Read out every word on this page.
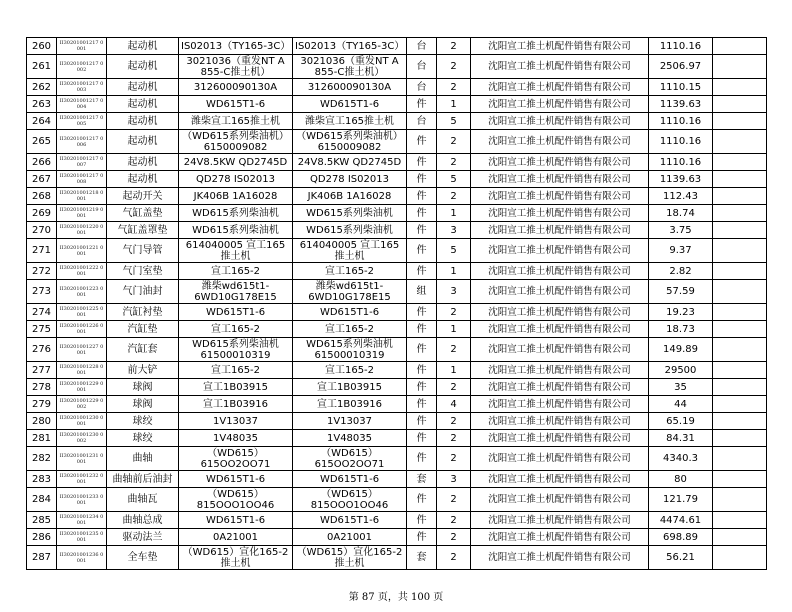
260	II30201001217 0001	起动机	IS02013（TY165-3C）	IS02013（TY165-3C）	台	2	沈阳宣工推土机配件销售有限公司	1110.16	
261	II30201001217 0002	起动机	3021036（重发NT A 855-C推土机）	3021036（重发NT A 855-C推土机）	台	2	沈阳宣工推土机配件销售有限公司	2506.97	
262	II30201001217 0003	起动机	312600090130A	312600090130A	台	2	沈阳宣工推土机配件销售有限公司	1110.15	
263	II30201001217 0004	起动机	WD615T1-6	WD615T1-6	件	1	沈阳宣工推土机配件销售有限公司	1139.63	
264	II30201001217 0005	起动机	潍柴宣工165推土机	潍柴宣工165推土机	台	5	沈阳宣工推土机配件销售有限公司	1110.16	
265	II30201001217 0006	起动机	（WD615系列柴油机）6150009082	（WD615系列柴油机）6150009082	件	2	沈阳宣工推土机配件销售有限公司	1110.16	
266	II30201001217 0007	起动机	24V8.5KW QD2745D	24V8.5KW QD2745D	件	2	沈阳宣工推土机配件销售有限公司	1110.16	
267	II30201001217 0008	起动机	QD278 IS02013	QD278 IS02013	件	5	沈阳宣工推土机配件销售有限公司	1139.63	
268	II30201001218 0001	起动开关	JK406B 1A16028	JK406B 1A16028	件	2	沈阳宣工推土机配件销售有限公司	112.43	
269	II30201001219 0001	气缸盖垫	WD615系列柴油机	WD615系列柴油机	件	1	沈阳宣工推土机配件销售有限公司	18.74	
270	II30201001220 0001	气缸盖罩垫	WD615系列柴油机	WD615系列柴油机	件	3	沈阳宣工推土机配件销售有限公司	3.75	
271	II30201001221 0001	气门导管	614040005 宣工165推土机	614040005 宣工165推土机	件	5	沈阳宣工推土机配件销售有限公司	9.37	
272	II30201001222 0001	气门室垫	宣工165-2	宣工165-2	件	1	沈阳宣工推土机配件销售有限公司	2.82	
273	II30201001223 0001	气门油封	潍柴wd615t1-6WD10G178E15	潍柴wd615t1-6WD10G178E15	组	3	沈阳宣工推土机配件销售有限公司	57.59	
274	II30201001225 0001	汽缸衬垫	WD615T1-6	WD615T1-6	件	2	沈阳宣工推土机配件销售有限公司	19.23	
275	II30201001226 0001	汽缸垫	宣工165-2	宣工165-2	件	1	沈阳宣工推土机配件销售有限公司	18.73	
276	II30201001227 0001	汽缸套	WD615系列柴油机 61500010319	WD615系列柴油机 61500010319	件	2	沈阳宣工推土机配件销售有限公司	149.89	
277	II30201001228 0001	前大铲	宣工165-2	宣工165-2	件	1	沈阳宣工推土机配件销售有限公司	29500	
278	II30201001229 0001	球阀	宣工1B03915	宣工1B03915	件	2	沈阳宣工推土机配件销售有限公司	35	
279	II30201001229 0002	球阀	宣工1B03916	宣工1B03916	件	4	沈阳宣工推土机配件销售有限公司	44	
280	II30201001230 0001	球绞	1V13037	1V13037	件	2	沈阳宣工推土机配件销售有限公司	65.19	
281	II30201001230 0002	球绞	1V48035	1V48035	件	2	沈阳宣工推土机配件销售有限公司	84.31	
282	II30201001231 0001	曲轴	（WD615）615OO2OO71	（WD615）615OO2OO71	件	2	沈阳宣工推土机配件销售有限公司	4340.3	
283	II30201001232 0001	曲轴前后油封	WD615T1-6	WD615T1-6	套	3	沈阳宣工推土机配件销售有限公司	80	
284	II30201001233 0001	曲轴瓦	（WD615）815OOO1OO46	（WD615）815OOO1OO46	件	2	沈阳宣工推土机配件销售有限公司	121.79	
285	II30201001234 0001	曲轴总成	WD615T1-6	WD615T1-6	件	2	沈阳宣工推土机配件销售有限公司	4474.61	
286	II30201001235 0001	驱动法兰	0A21001	0A21001	件	2	沈阳宣工推土机配件销售有限公司	698.89	
287	II30201001236 0001	全车垫	（WD615）宣化165-2推土机	（WD615）宣化165-2推土机	套	2	沈阳宣工推土机配件销售有限公司	56.21	
第 87 页，共 100 页
